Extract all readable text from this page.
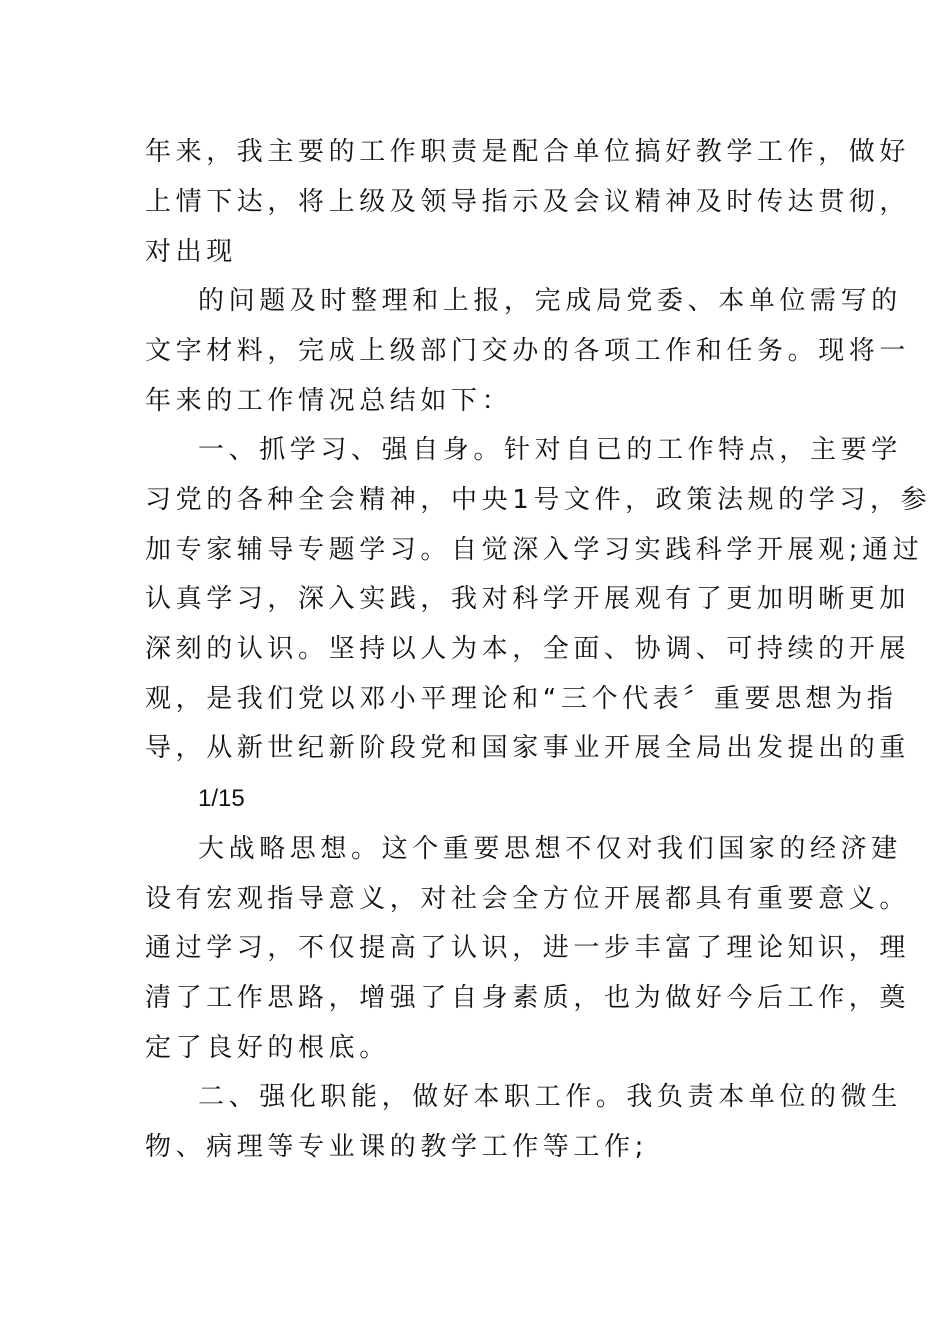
年来，我主要的工作职责是配合单位搞好教学工作，做好
上情下达，将上级及领导指示及会议精神及时传达贯彻，
对出现
的问题及时整理和上报，完成局党委、本单位需写的
文字材料，完成上级部门交办的各项工作和任务。现将一
年来的工作情况总结如下：
一、抓学习、强自身。针对自已的工作特点，主要学
习党的各种全会精神，中央1号文件，政策法规的学习，参
加专家辅导专题学习。自觉深入学习实践科学开展观;通过
认真学习，深入实践，我对科学开展观有了更加明晰更加
深刻的认识。坚持以人为本，全面、协调、可持续的开展
观，是我们党以邓小平理论和“三个代表〞重要思想为指
导，从新世纪新阶段党和国家事业开展全局出发提出的重
1/15
大战略思想。这个重要思想不仅对我们国家的经济建
设有宏观指导意义，对社会全方位开展都具有重要意义。
通过学习，不仅提高了认识，进一步丰富了理论知识，理
清了工作思路，增强了自身素质，也为做好今后工作，奠
定了良好的根底。
二、强化职能，做好本职工作。我负责本单位的微生
物、病理等专业课的教学工作等工作;
